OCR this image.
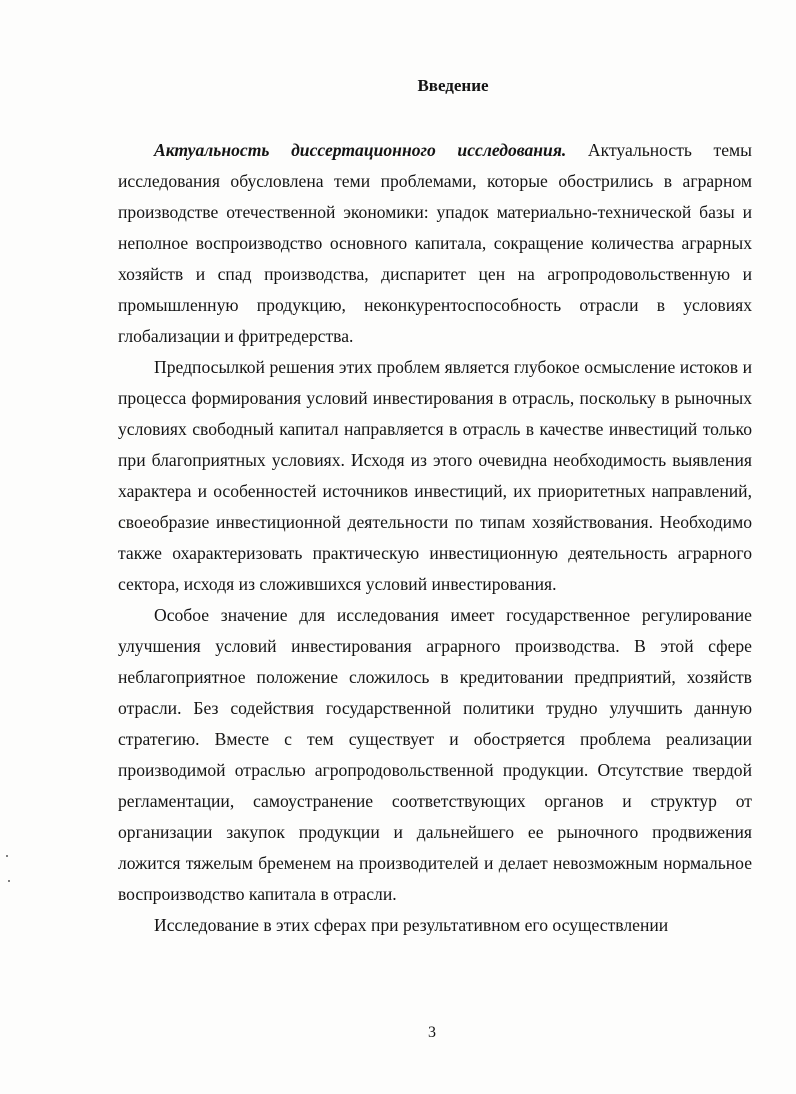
Введение

Актуальность диссертационного исследования. Актуальность темы исследования обусловлена теми проблемами, которые обострились в аграрном производстве отечественной экономики: упадок материально-технической базы и неполное воспроизводство основного капитала, сокращение количества аграрных хозяйств и спад производства, диспаритет цен на агропродовольственную и промышленную продукцию, неконкурентоспособность отрасли в условиях глобализации и фритредерства.

Предпосылкой решения этих проблем является глубокое осмысление истоков и процесса формирования условий инвестирования в отрасль, поскольку в рыночных условиях свободный капитал направляется в отрасль в качестве инвестиций только при благоприятных условиях. Исходя из этого очевидна необходимость выявления характера и особенностей источников инвестиций, их приоритетных направлений, своеобразие инвестиционной деятельности по типам хозяйствования. Необходимо также охарактеризовать практическую инвестиционную деятельность аграрного сектора, исходя из сложившихся условий инвестирования.

Особое значение для исследования имеет государственное регулирование улучшения условий инвестирования аграрного производства. В этой сфере неблагоприятное положение сложилось в кредитовании предприятий, хозяйств отрасли. Без содействия государственной политики трудно улучшить данную стратегию. Вместе с тем существует и обостряется проблема реализации производимой отраслью агропродовольственной продукции. Отсутствие твердой регламентации, самоустранение соответствующих органов и структур от организации закупок продукции и дальнейшего ее рыночного продвижения ложится тяжелым бременем на производителей и делает невозможным нормальное воспроизводство капитала в отрасли.

Исследование в этих сферах при результативном его осуществлении

3
